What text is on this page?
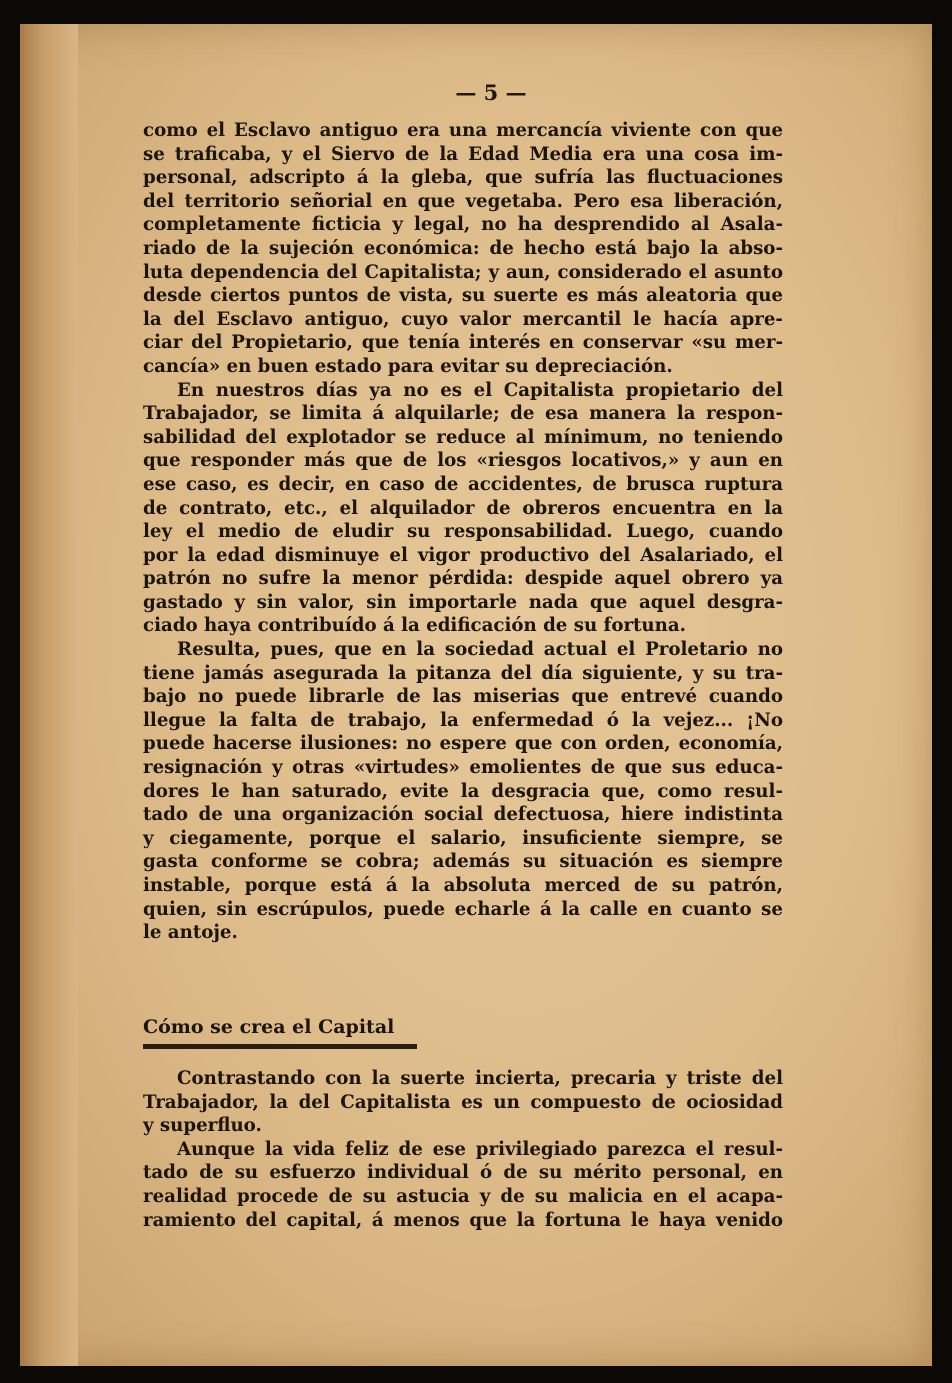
— 5 —
como el Esclavo antiguo era una mercancía viviente con que
se traficaba, y el Siervo de la Edad Media era una cosa im-
personal, adscripto á la gleba, que sufría las fluctuaciones
del territorio señorial en que vegetaba. Pero esa liberación,
completamente ficticia y legal, no ha desprendido al Asala-
riado de la sujeción económica: de hecho está bajo la abso-
luta dependencia del Capitalista; y aun, considerado el asunto
desde ciertos puntos de vista, su suerte es más aleatoria que
la del Esclavo antiguo, cuyo valor mercantil le hacía apre-
ciar del Propietario, que tenía interés en conservar «su mer-
cancía» en buen estado para evitar su depreciación.
En nuestros días ya no es el Capitalista propietario del
Trabajador, se limita á alquilarle; de esa manera la respon-
sabilidad del explotador se reduce al mínimum, no teniendo
que responder más que de los «riesgos locativos,» y aun en
ese caso, es decir, en caso de accidentes, de brusca ruptura
de contrato, etc., el alquilador de obreros encuentra en la
ley el medio de eludir su responsabilidad. Luego, cuando
por la edad disminuye el vigor productivo del Asalariado, el
patrón no sufre la menor pérdida: despide aquel obrero ya
gastado y sin valor, sin importarle nada que aquel desgra-
ciado haya contribuído á la edificación de su fortuna.
Resulta, pues, que en la sociedad actual el Proletario no
tiene jamás asegurada la pitanza del día siguiente, y su tra-
bajo no puede librarle de las miserias que entrevé cuando
llegue la falta de trabajo, la enfermedad ó la vejez... ¡No
puede hacerse ilusiones: no espere que con orden, economía,
resignación y otras «virtudes» emolientes de que sus educa-
dores le han saturado, evite la desgracia que, como resul-
tado de una organización social defectuosa, hiere indistinta
y ciegamente, porque el salario, insuficiente siempre, se
gasta conforme se cobra; además su situación es siempre
instable, porque está á la absoluta merced de su patrón,
quien, sin escrúpulos, puede echarle á la calle en cuanto se
le antoje.
Cómo se crea el Capital
Contrastando con la suerte incierta, precaria y triste del
Trabajador, la del Capitalista es un compuesto de ociosidad
y superfluo.
Aunque la vida feliz de ese privilegiado parezca el resul-
tado de su esfuerzo individual ó de su mérito personal, en
realidad procede de su astucia y de su malicia en el acapa-
ramiento del capital, á menos que la fortuna le haya venido
